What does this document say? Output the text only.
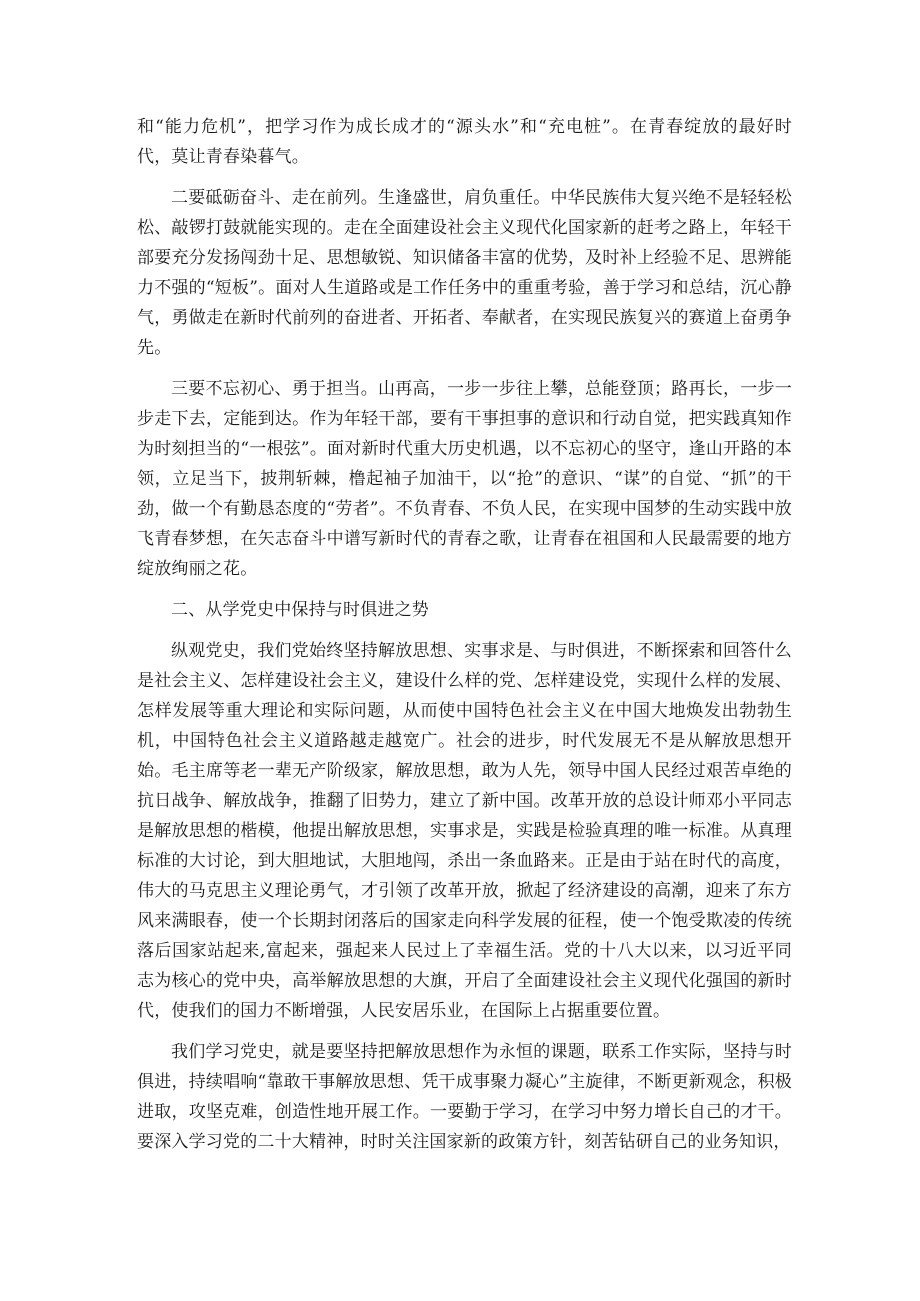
和“能力危机”，把学习作为成长成才的“源头水”和“充电桩”。在青春绽放的最好时代，莫让青春染暮气。

二要砥砺奋斗、走在前列。生逢盛世，肩负重任。中华民族伟大复兴绝不是轻轻松松、敲锣打鼓就能实现的。走在全面建设社会主义现代化国家新的赶考之路上，年轻干部要充分发扬闯劲十足、思想敏锐、知识储备丰富的优势，及时补上经验不足、思辨能力不强的“短板”。面对人生道路或是工作任务中的重重考验，善于学习和总结，沉心静气，勇做走在新时代前列的奋进者、开拓者、奉献者，在实现民族复兴的赛道上奋勇争先。

三要不忘初心、勇于担当。山再高，一步一步往上攀，总能登顶；路再长，一步一步走下去，定能到达。作为年轻干部，要有干事担事的意识和行动自觉，把实践真知作为时刻担当的“一根弦”。面对新时代重大历史机遇，以不忘初心的坚守，逢山开路的本领，立足当下，披荆斩棘，橹起袖子加油干，以“抢”的意识、“谋”的自觉、“抓”的干劲，做一个有勤恳态度的“劳者”。不负青春、不负人民，在实现中国梦的生动实践中放飞青春梦想，在矢志奋斗中谱写新时代的青春之歌，让青春在祖国和人民最需要的地方绽放绚丽之花。

二、从学党史中保持与时俱进之势

纵观党史，我们党始终坚持解放思想、实事求是、与时俱进，不断探索和回答什么是社会主义、怎样建设社会主义，建设什么样的党、怎样建设党，实现什么样的发展、怎样发展等重大理论和实际问题，从而使中国特色社会主义在中国大地焕发出勃勃生机，中国特色社会主义道路越走越宽广。社会的进步，时代发展无不是从解放思想开始。毛主席等老一辈无产阶级家，解放思想，敢为人先，领导中国人民经过艰苦卓绝的抗日战争、解放战争，推翻了旧势力，建立了新中国。改革开放的总设计师邓小平同志是解放思想的楷模，他提出解放思想，实事求是，实践是检验真理的唯一标准。从真理标准的大讨论，到大胆地试，大胆地闯，杀出一条血路来。正是由于站在时代的高度，伟大的马克思主义理论勇气，才引领了改革开放，掀起了经济建设的高潮，迎来了东方风来满眼春，使一个长期封闭落后的国家走向科学发展的征程，使一个饱受欺凌的传统落后国家站起来,富起来，强起来人民过上了幸福生活。党的十八大以来，以习近平同志为核心的党中央，高举解放思想的大旗，开启了全面建设社会主义现代化强国的新时代，使我们的国力不断增强，人民安居乐业，在国际上占据重要位置。

我们学习党史，就是要坚持把解放思想作为永恒的课题，联系工作实际，坚持与时俱进，持续唱响“靠敢干事解放思想、凭干成事聚力凝心”主旋律，不断更新观念，积极进取，攻坚克难，创造性地开展工作。一要勤于学习，在学习中努力增长自己的才干。要深入学习党的二十大精神，时时关注国家新的政策方针，刻苦钻研自己的业务知识，
